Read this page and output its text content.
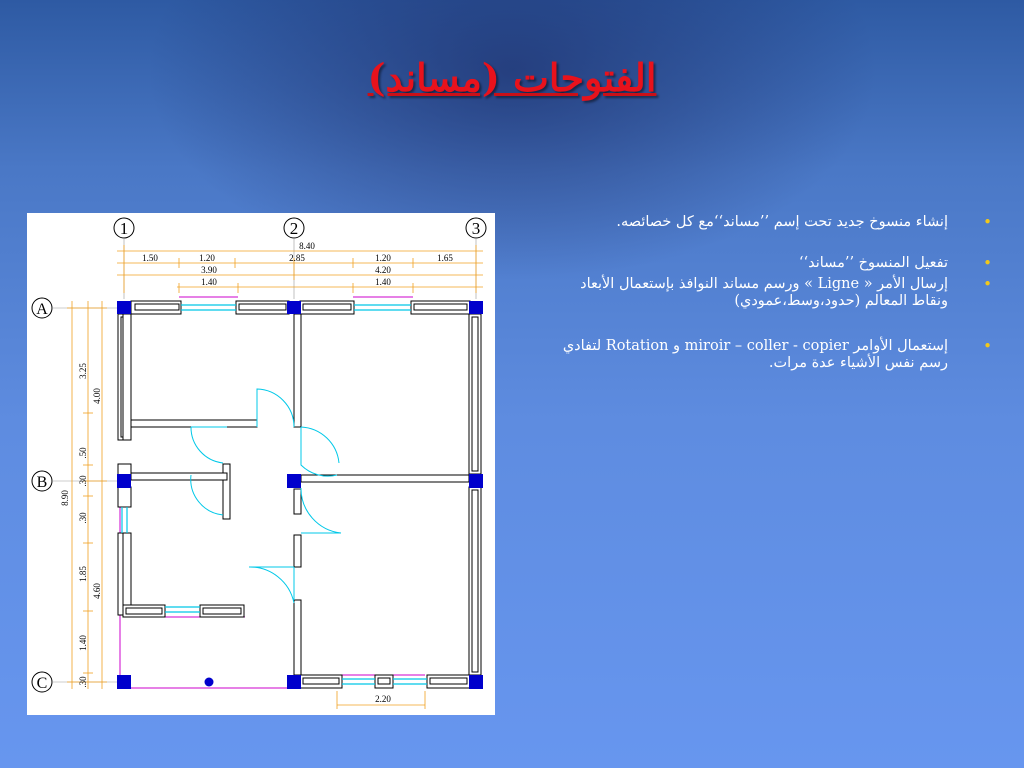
الفتوحات (مساند)
1	2	3
A
B
C
8.40
1.50	1.20	2.85	1.20	1.65
3.90	4.20
1.40	1.40
8.90
4.00
4.60
3.25
.50
.30
.30
1.85
1.40
.30
2.20
• إنشاء منسوخ جديد تحت إسم ’’مساند‘‘مع كل خصائصه.
• تفعيل المنسوخ ’’مساند‘‘
• إرسال الأمر « Ligne » ورسم مساند النوافذ بإستعمال الأبعاد ونقاط المعالم (حدود،وسط،عمودي)
• إستعمال الأوامر miroir – coller - copier و Rotation لتفادي رسم نفس الأشياء عدة مرات.
